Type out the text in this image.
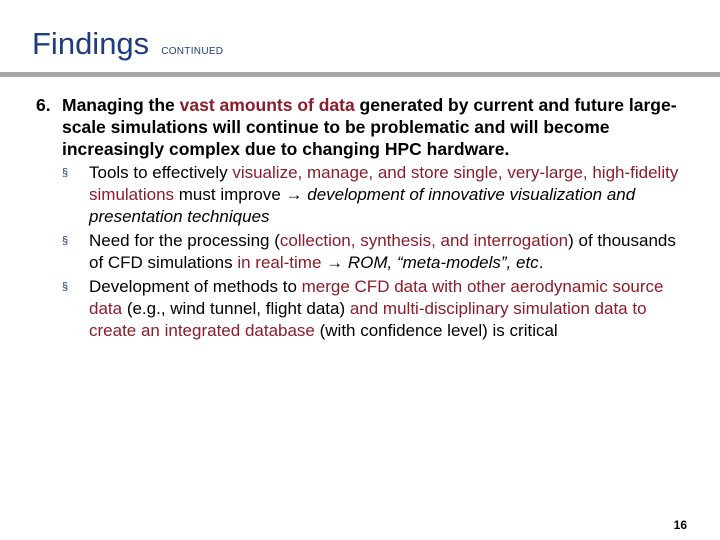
Findings CONTINUED
6. Managing the vast amounts of data generated by current and future large-scale simulations will continue to be problematic and will become increasingly complex due to changing HPC hardware.
§	Tools to effectively visualize, manage, and store single, very-large, high-fidelity simulations must improve → development of innovative visualization and presentation techniques
§	Need for the processing (collection, synthesis, and interrogation) of thousands of CFD simulations in real-time → ROM, “meta-models”, etc.
§	Development of methods to merge CFD data with other aerodynamic source data (e.g., wind tunnel, flight data) and multi-disciplinary simulation data to create an integrated database (with confidence level) is critical
16
